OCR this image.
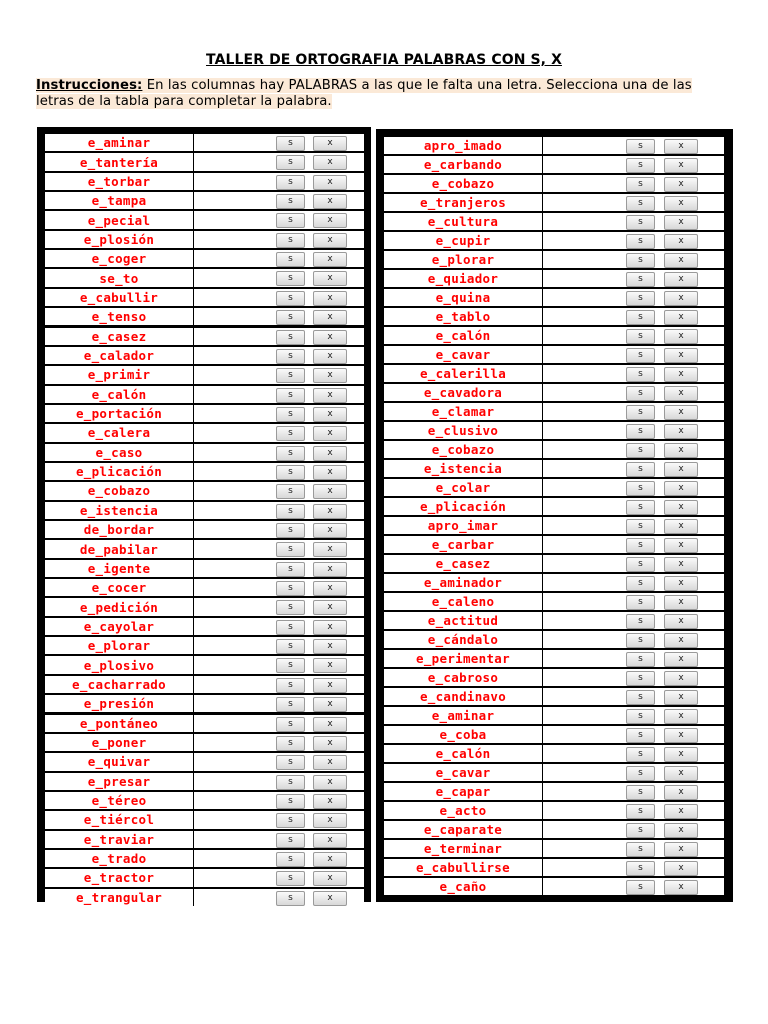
TALLER DE ORTOGRAFIA PALABRAS CON S, X
Instrucciones: En las columnas hay PALABRAS a las que le falta una letra. Selecciona una de las letras de la tabla para completar la palabra.
e_aminar	s	x
e_tantería	s	x
e_torbar	s	x
e_tampa	s	x
e_pecial	s	x
e_plosión	s	x
e_coger	s	x
se_to	s	x
e_cabullir	s	x
e_tenso	s	x
e_casez	s	x
e_calador	s	x
e_primir	s	x
e_calón	s	x
e_portación	s	x
e_calera	s	x
e_caso	s	x
e_plicación	s	x
e_cobazo	s	x
e_istencia	s	x
de_bordar	s	x
de_pabilar	s	x
e_igente	s	x
e_cocer	s	x
e_pedición	s	x
e_cayolar	s	x
e_plorar	s	x
e_plosivo	s	x
e_cacharrado	s	x
e_presión	s	x
e_pontáneo	s	x
e_poner	s	x
e_quivar	s	x
e_presar	s	x
e_téreo	s	x
e_tiércol	s	x
e_traviar	s	x
e_trado	s	x
e_tractor	s	x
e_trangular	s	x
apro_imado	s	x
e_carbando	s	x
e_cobazo	s	x
e_tranjeros	s	x
e_cultura	s	x
e_cupir	s	x
e_plorar	s	x
e_quiador	s	x
e_quina	s	x
e_tablo	s	x
e_calón	s	x
e_cavar	s	x
e_calerilla	s	x
e_cavadora	s	x
e_clamar	s	x
e_clusivo	s	x
e_cobazo	s	x
e_istencia	s	x
e_colar	s	x
e_plicación	s	x
apro_imar	s	x
e_carbar	s	x
e_casez	s	x
e_aminador	s	x
e_caleno	s	x
e_actitud	s	x
e_cándalo	s	x
e_perimentar	s	x
e_cabroso	s	x
e_candinavo	s	x
e_aminar	s	x
e_coba	s	x
e_calón	s	x
e_cavar	s	x
e_capar	s	x
e_acto	s	x
e_caparate	s	x
e_terminar	s	x
e_cabullirse	s	x
e_caño	s	x
